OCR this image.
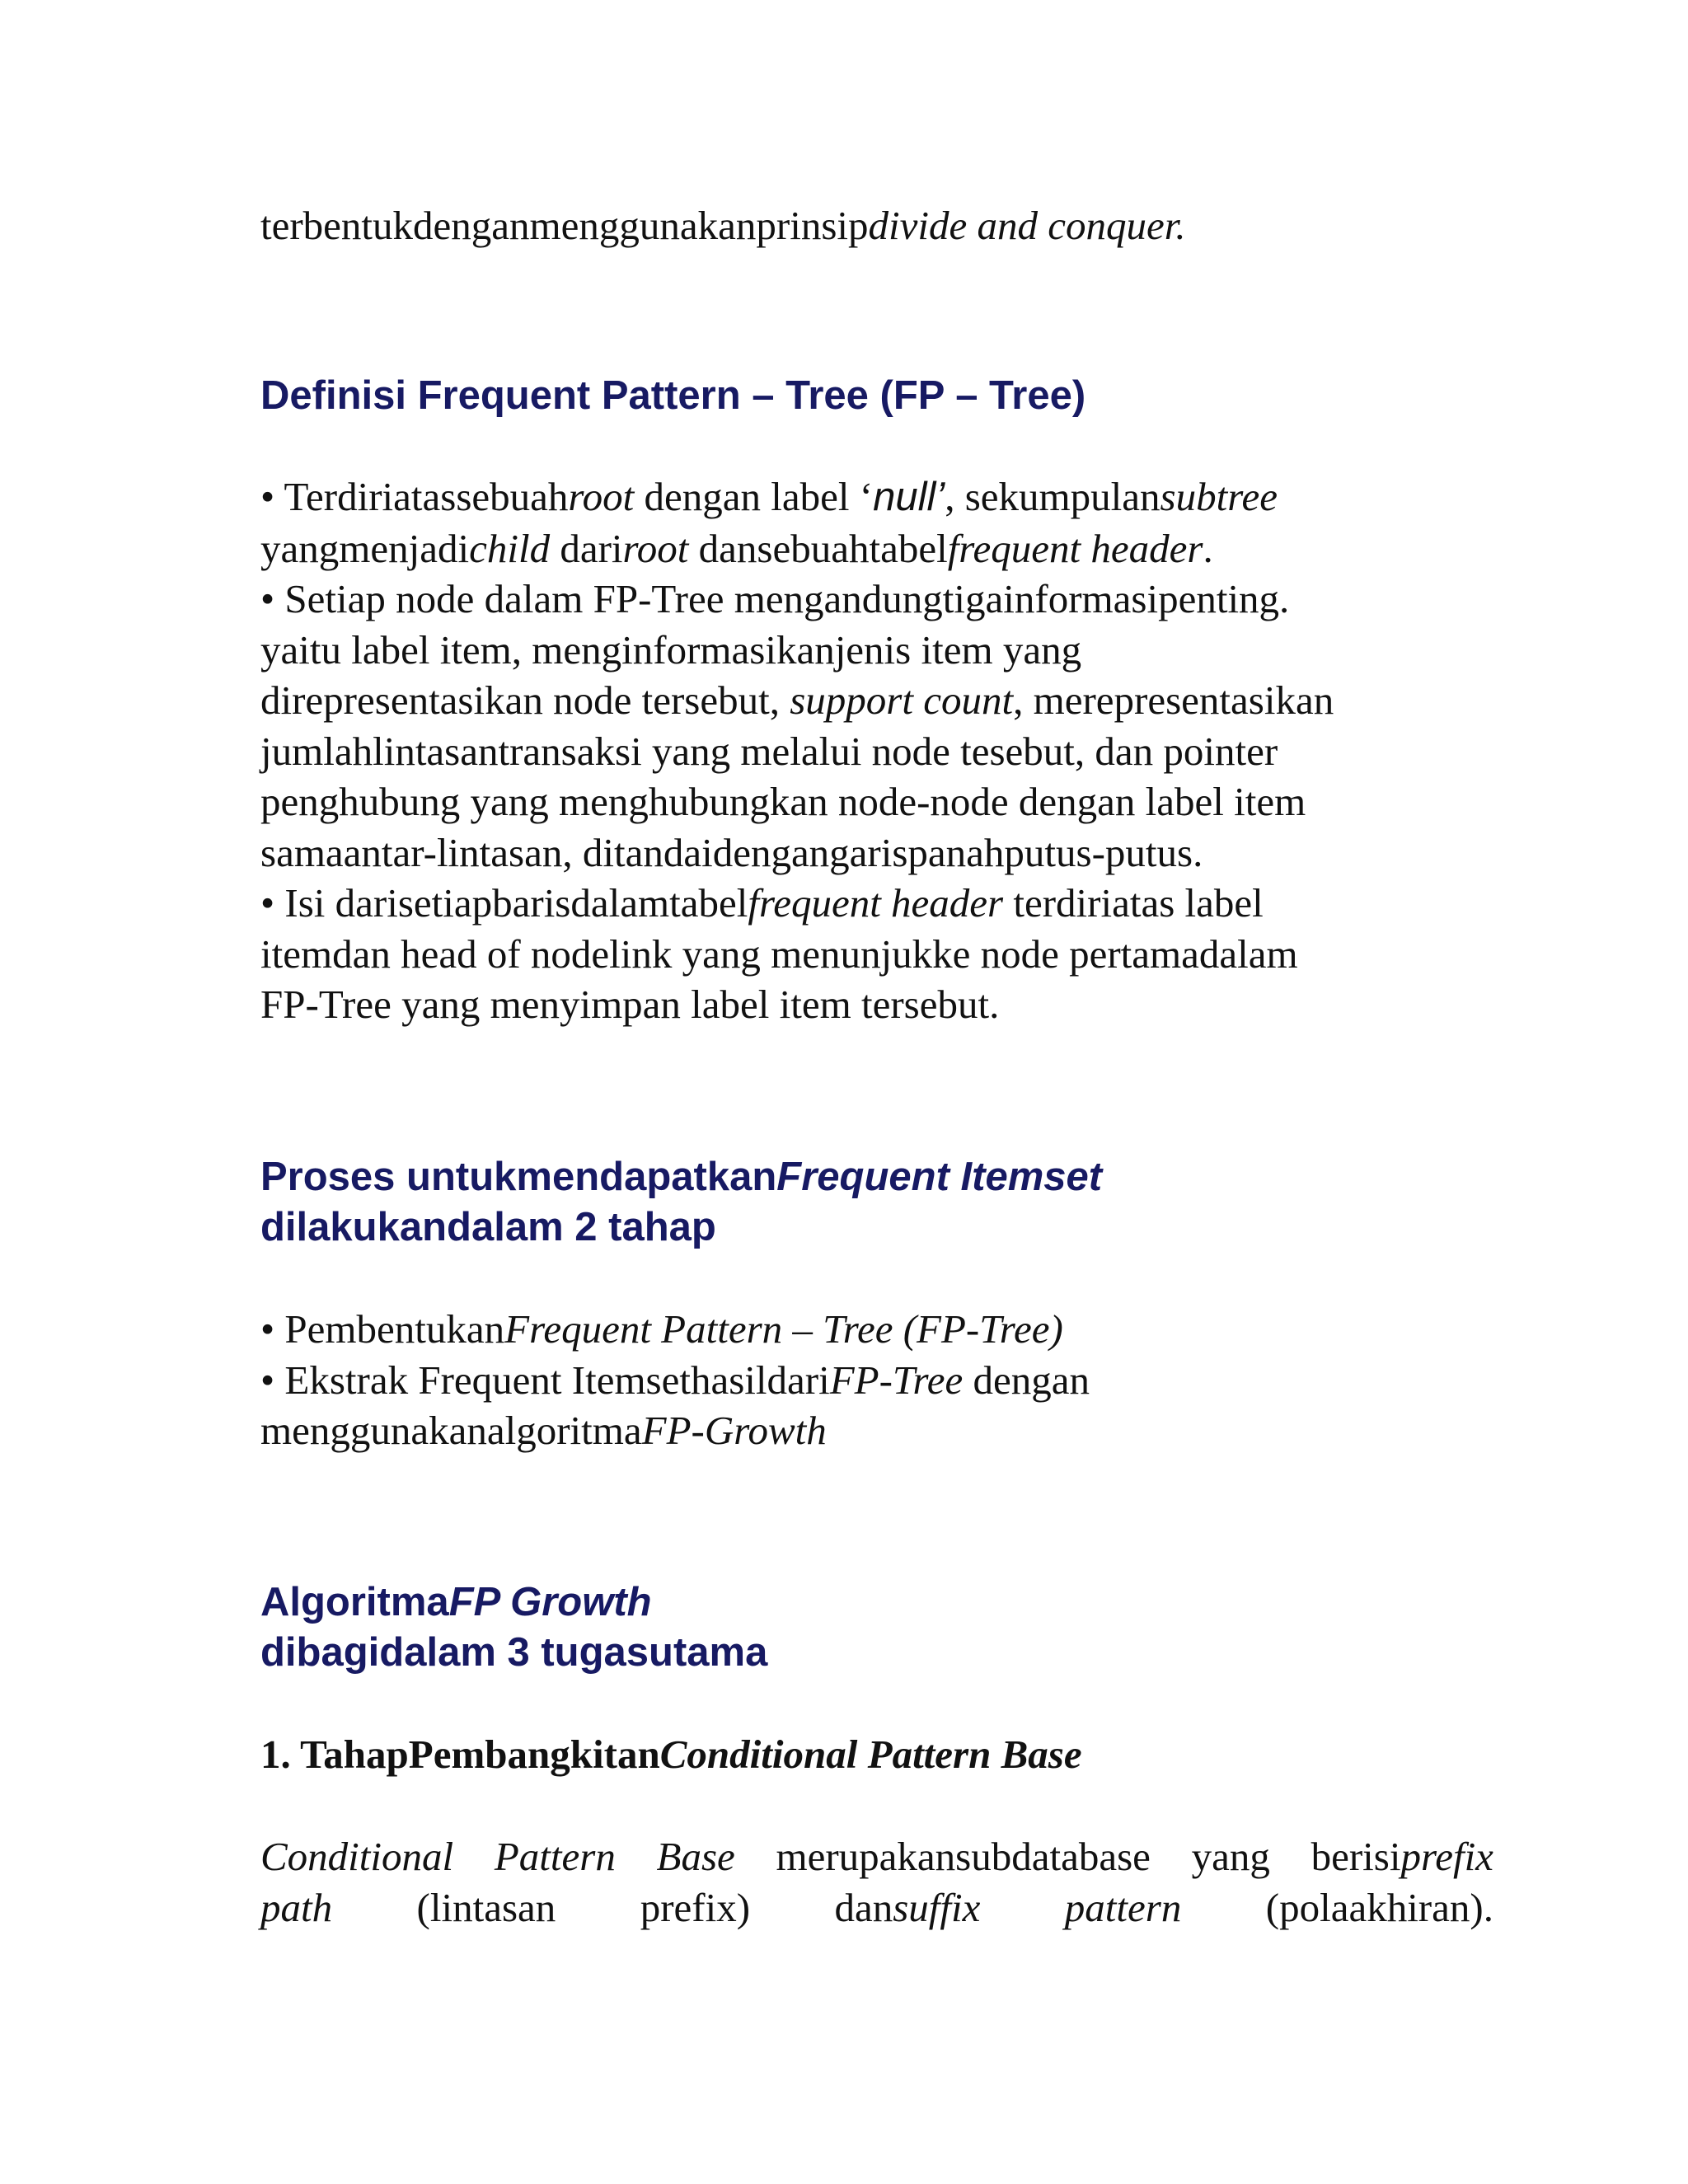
terbentukdenganmenggunakanprinsipdivide and conquer.

Definisi Frequent Pattern – Tree (FP – Tree)
• Terdiriatassebuahroot dengan label ‘null’, sekumpulansubtree
yangmenjadichild dariroot dansebuahtabelfrequent header.
• Setiap node dalam FP-Tree mengandungtigainformasipenting.
yaitu label item, menginformasikanjenis item yang
direpresentasikan node tersebut, support count, merepresentasikan
jumlahlintasantransaksi yang melalui node tesebut, dan pointer
penghubung yang menghubungkan node-node dengan label item
samaantar-lintasan, ditandaidengangarispanahputus-putus.
• Isi darisetiapbarisdalamtabelfrequent header terdiriatas label
itemdan head of nodelink yang menunjukke node pertamadalam
FP-Tree yang menyimpan label item tersebut.
Proses untukmendapatkanFrequent Itemset
dilakukandalam 2 tahap
• PembentukanFrequent Pattern – Tree (FP-Tree)
• Ekstrak Frequent ItemsethasildariFP-Tree dengan
menggunakanalgoritmaFP-Growth
AlgoritmaFP Growth
dibagidalam 3 tugasutama
1. TahapPembangkitanConditional Pattern Base
Conditional Pattern Base merupakansubdatabase yang berisiprefix
path (lintasan prefix) dansuffix pattern (polaakhiran).
